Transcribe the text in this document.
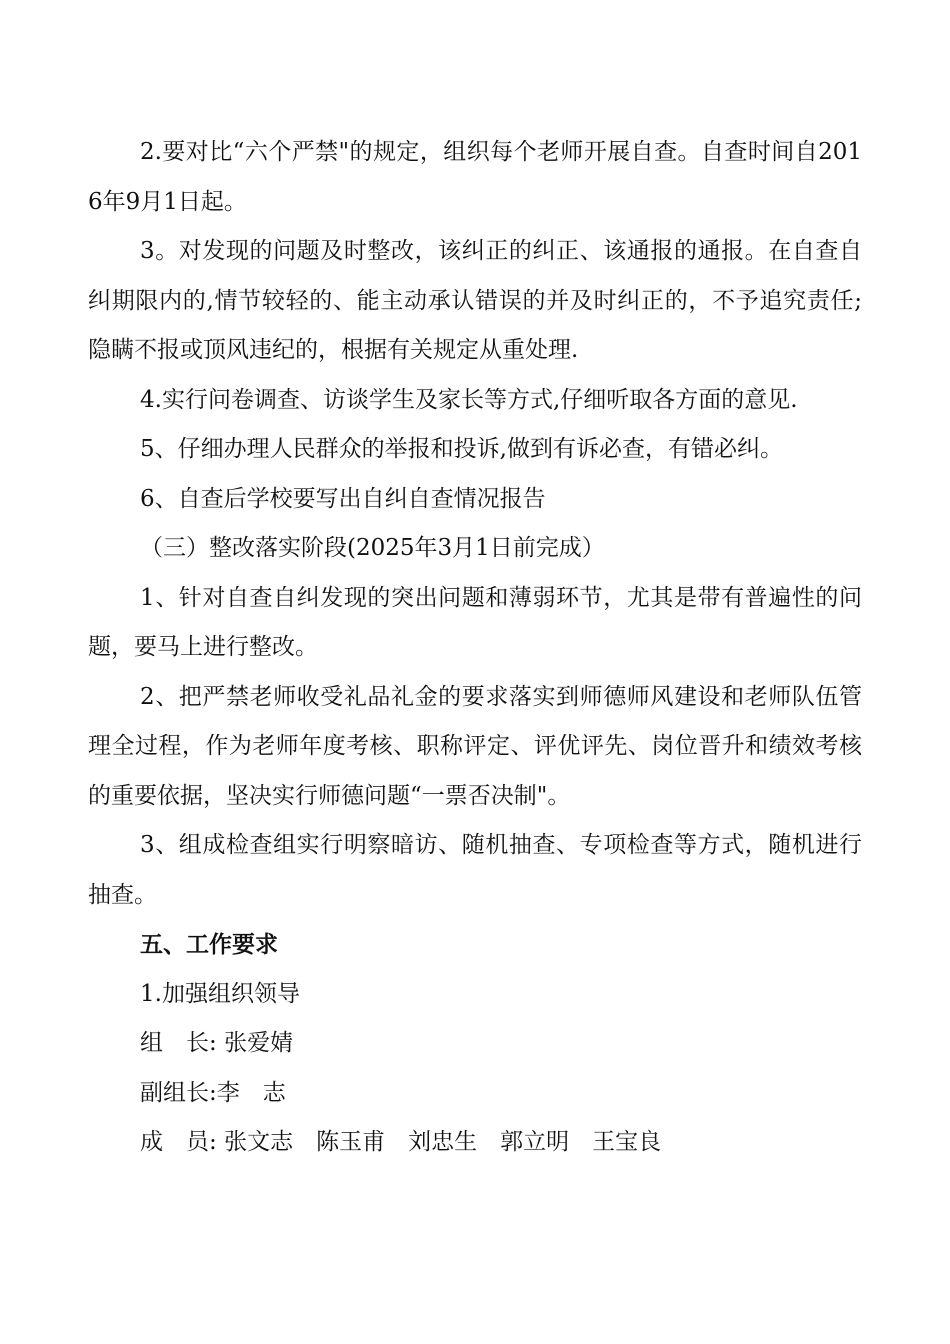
2.要对比“六个严禁"的规定，组织每个老师开展自查。自查时间自2016年9月1日起。

3。对发现的问题及时整改，该纠正的纠正、该通报的通报。在自查自纠期限内的,情节较轻的、能主动承认错误的并及时纠正的，不予追究责任; 隐瞒不报或顶风违纪的，根据有关规定从重处理.

4.实行问卷调查、访谈学生及家长等方式,仔细听取各方面的意见.

5、仔细办理人民群众的举报和投诉,做到有诉必查，有错必纠。

6、自查后学校要写出自纠自查情况报告

（三）整改落实阶段(2025年3月1日前完成）

1、针对自查自纠发现的突出问题和薄弱环节，尤其是带有普遍性的问题，要马上进行整改。

2、把严禁老师收受礼品礼金的要求落实到师德师风建设和老师队伍管理全过程，作为老师年度考核、职称评定、评优评先、岗位晋升和绩效考核的重要依据，坚决实行师德问题“一票否决制"。

3、组成检查组实行明察暗访、随机抽查、专项检查等方式，随机进行抽查。

五、工作要求

1.加强组织领导

组　长: 张爱婧

副组长:李　志

成　员: 张文志　 陈玉甫　 刘忠生　 郭立明　 王宝良
